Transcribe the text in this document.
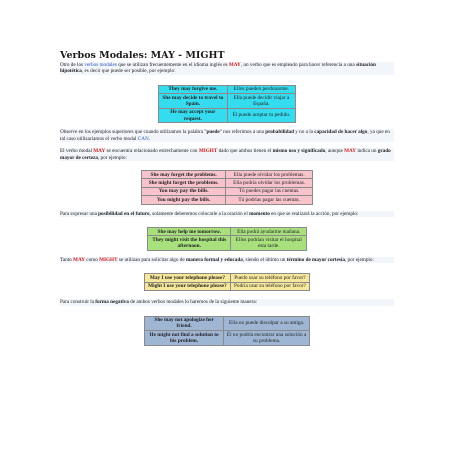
Verbos Modales: MAY - MIGHT

Otro de los verbos modales que se utilizan frecuentemente en el idioma inglés es MAY, un verbo que es empleado para hacer referencia a una situación hipotética, es decir que puede ser posible, por ejemplo:

They may forgive me.	Ellos pueden perdonarme.
She may decide to travel to Spain.	Ella puede decidir viajar a España.
He may accept your request.	Él puede aceptar tu pedido.

Observe en los ejemplos superiores que cuando utilizamos la palabra "puede" nos referimos a una probabilidad y no a la capacidad de hacer algo, ya que en tal caso utilizaríamos el verbo modal CAN.

El verbo modal MAY se encuentra relacionado estrechamente con MIGHT dado que ambos tienen el mismo uso y significado, aunque MAY indica un grado mayor de certeza, por ejemplo:

She may forget the problems.	Ella puede olvidar los problemas.
She might forget the problems.	Ella podría olvidar los problemas.
You may pay the bills.	Tú puedes pagar las cuentas.
You might pay the bills.	Tú podrías pagar las cuentas.

Para expresar una posibilidad en el futuro, solamente deberemos colocarle a la oración el momento en que se realizará la acción, por ejemplo:

She may help me tomorrow.	Ella podrá ayudarme mañana.
They might visit the hospital this afternoon.	Ellos podrían visitar el hospital esta tarde.

Tanto MAY como MIGHT se utilizan para solicitar algo de manera formal y educada, siendo el último un término de mayor cortesía, por ejemplo:

May I use your telephone please?	Puedo usar su teléfono por favor?
Might I use your telephone please?	Podría usar su teléfono por favor?

Para construir la forma negativa de ambos verbos modales lo haremos de la siguiente manera:

She may not apologize her friend.	Ella no puede disculpar a su amiga.
He might not find a solution to his problem.	Él no podría encontrar una solución a su problema.
